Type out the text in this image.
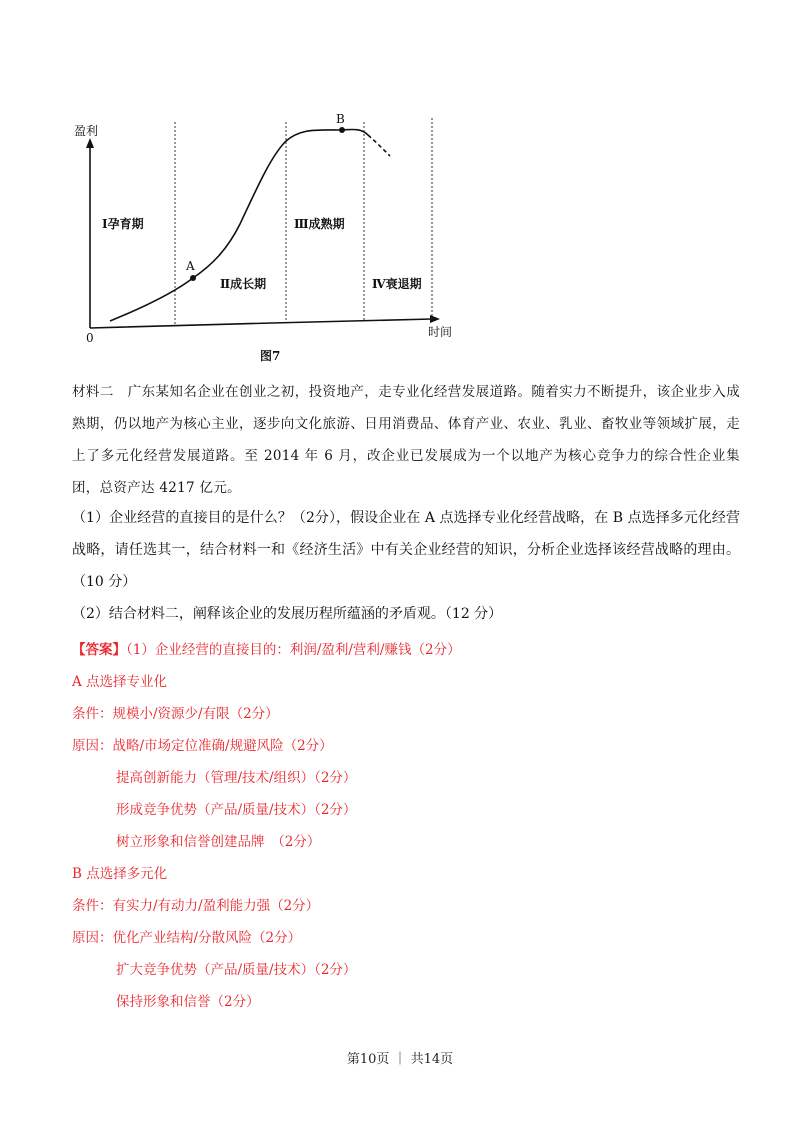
盈利
时间
0
A
B
Ⅰ孕育期
Ⅱ成长期
Ⅲ成熟期
Ⅳ衰退期
图7
材料二　广东某知名企业在创业之初，投资地产，走专业化经营发展道路。随着实力不断提升，该企业步入成熟期，仍以地产为核心主业，逐步向文化旅游、日用消费品、体育产业、农业、乳业、畜牧业等领域扩展，走上了多元化经营发展道路。至 2014 年 6 月，改企业已发展成为一个以地产为核心竞争力的综合性企业集团，总资产达 4217 亿元。
（1）企业经营的直接目的是什么？（2分），假设企业在 A 点选择专业化经营战略，在 B 点选择多元化经营战略，请任选其一，结合材料一和《经济生活》中有关企业经营的知识，分析企业选择该经营战略的理由。（10 分）
（2）结合材料二，阐释该企业的发展历程所蕴涵的矛盾观。（12 分）
【答案】（1）企业经营的直接目的：利润/盈利/营利/赚钱（2分）
A 点选择专业化
条件：规模小/资源少/有限（2分）
原因：战略/市场定位准确/规避风险（2分）
提高创新能力（管理/技术/组织）（2分）
形成竞争优势（产品/质量/技术）（2分）
树立形象和信誉创建品牌　（2分）
B 点选择多元化
条件：有实力/有动力/盈利能力强（2分）
原因：优化产业结构/分散风险（2分）
扩大竞争优势（产品/质量/技术）（2分）
保持形象和信誉（2分）
第10页 ｜ 共14页
